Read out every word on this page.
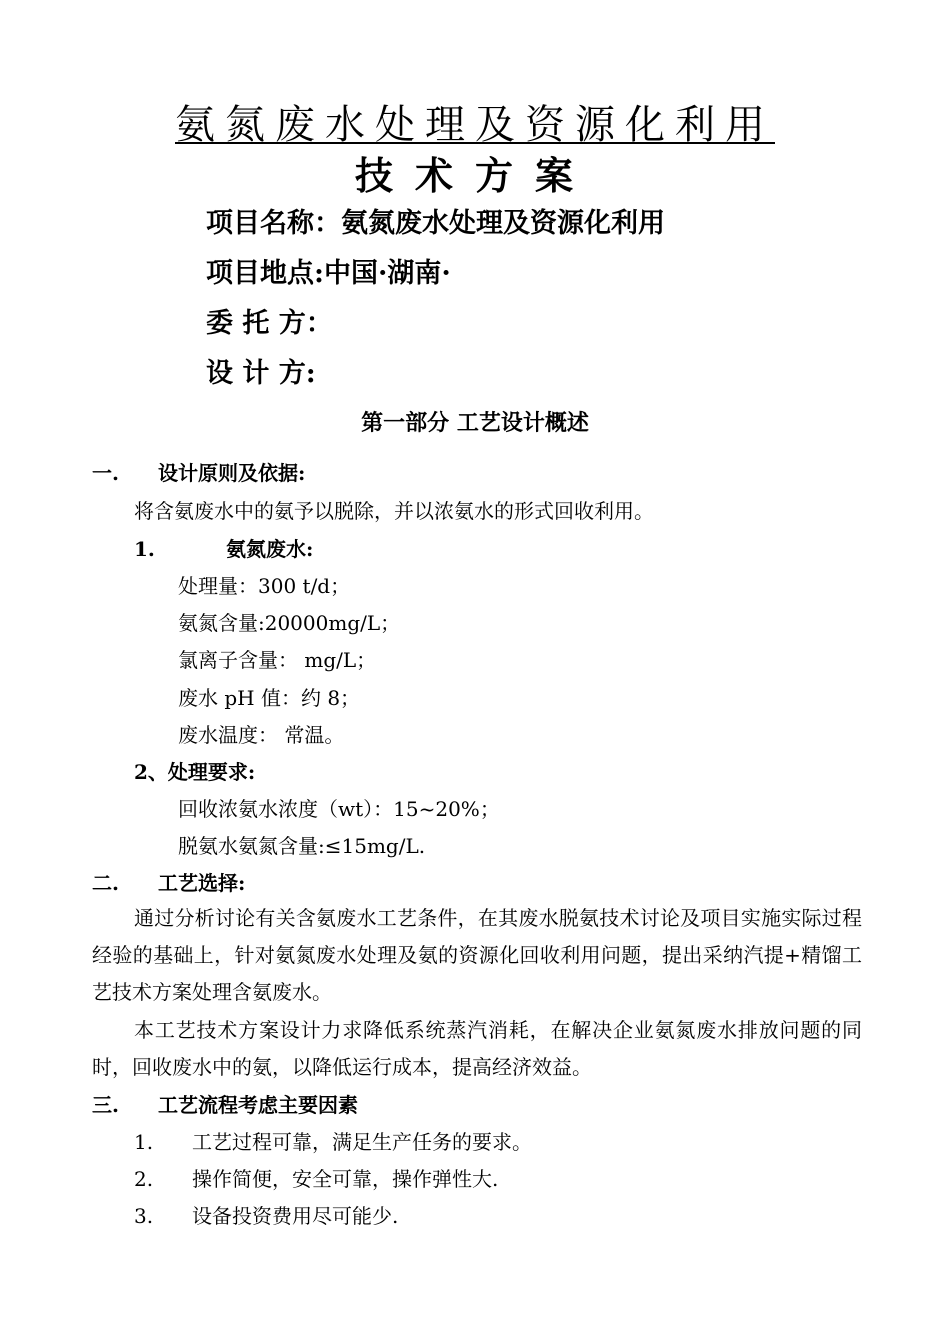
氨氮废水处理及资源化利用
技术方案
项目名称：氨氮废水处理及资源化利用
项目地点:中国·湖南·
委 托 方：
设 计 方:
第一部分 工艺设计概述
一. 设计原则及依据:
将含氨废水中的氨予以脱除，并以浓氨水的形式回收利用。
1.	氨氮废水:
处理量：300 t/d；
氨氮含量:20000mg/L；
氯离子含量： mg/L；
废水 pH 值：约 8；
废水温度： 常温。
2、处理要求:
回收浓氨水浓度（wt）：15~20%；
脱氨水氨氮含量:≤15mg/L.
二. 工艺选择:
通过分析讨论有关含氨废水工艺条件，在其废水脱氨技术讨论及项目实施实际过程经验的基础上，针对氨氮废水处理及氨的资源化回收利用问题，提出采纳汽提+精馏工艺技术方案处理含氨废水。
本工艺技术方案设计力求降低系统蒸汽消耗，在解决企业氨氮废水排放问题的同时，回收废水中的氨，以降低运行成本，提高经济效益。
三. 工艺流程考虑主要因素
1. 工艺过程可靠，满足生产任务的要求。
2. 操作简便，安全可靠，操作弹性大.
3. 设备投资费用尽可能少.
